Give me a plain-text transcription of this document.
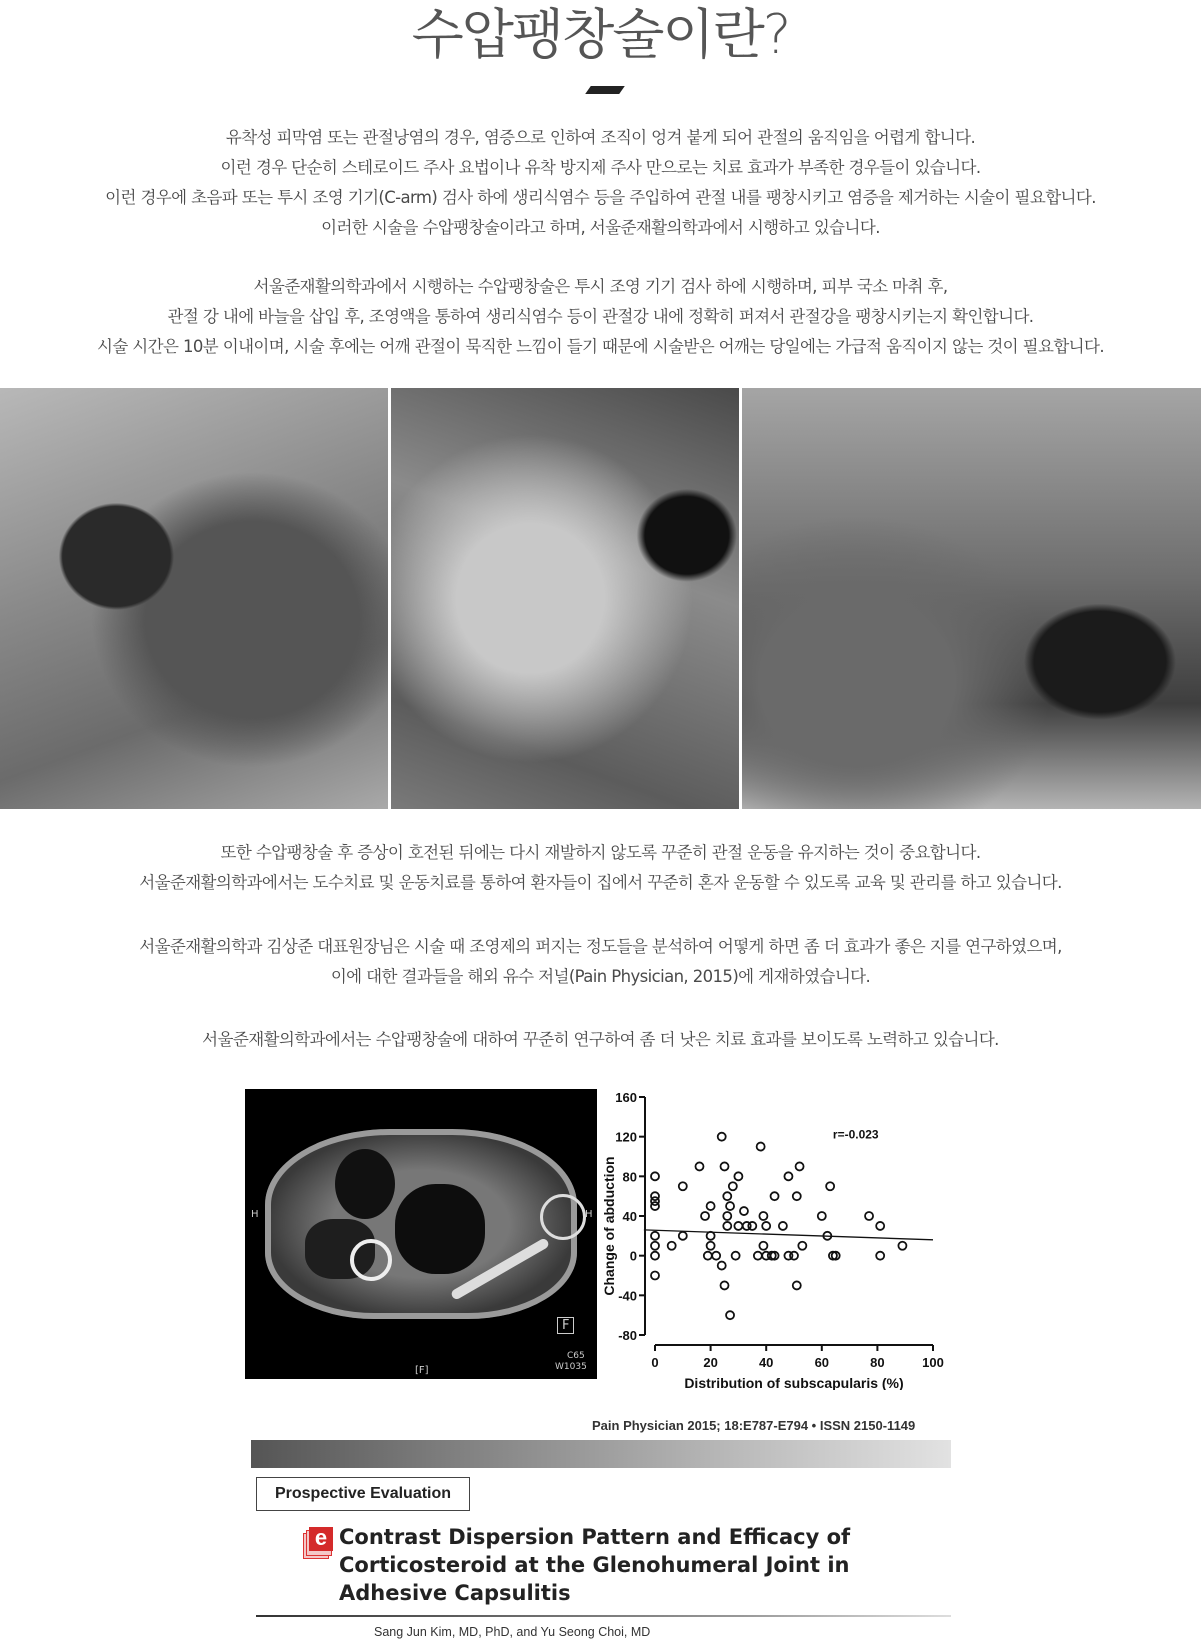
수압팽창술이란?
유착성 피막염 또는 관절낭염의 경우, 염증으로 인하여 조직이 엉겨 붙게 되어 관절의 움직임을 어렵게 합니다.
이런 경우 단순히 스테로이드 주사 요법이나 유착 방지제 주사 만으로는 치료 효과가 부족한 경우들이 있습니다.
이런 경우에 초음파 또는 투시 조영 기기(C-arm) 검사 하에 생리식염수 등을 주입하여 관절 내를 팽창시키고 염증을 제거하는 시술이 필요합니다.
이러한 시술을 수압팽창술이라고 하며, 서울준재활의학과에서 시행하고 있습니다.
서울준재활의학과에서 시행하는 수압팽창술은 투시 조영 기기 검사 하에 시행하며, 피부 국소 마취 후,
관절 강 내에 바늘을 삽입 후, 조영액을 통하여 생리식염수 등이 관절강 내에 정확히 퍼져서 관절강을 팽창시키는지 확인합니다.
시술 시간은 10분 이내이며, 시술 후에는 어깨 관절이 묵직한 느낌이 들기 때문에 시술받은 어깨는 당일에는 가급적 움직이지 않는 것이 필요합니다.
또한 수압팽창술 후 증상이 호전된 뒤에는 다시 재발하지 않도록 꾸준히 관절 운동을 유지하는 것이 중요합니다.
서울준재활의학과에서는 도수치료 및 운동치료를 통하여 환자들이 집에서 꾸준히 혼자 운동할 수 있도록 교육 및 관리를 하고 있습니다.
서울준재활의학과 김상준 대표원장님은 시술 때 조영제의 퍼지는 정도들을 분석하여 어떻게 하면 좀 더 효과가 좋은 지를 연구하였으며,
이에 대한 결과들을 해외 유수 저널(Pain Physician, 2015)에 게재하였습니다.
서울준재활의학과에서는 수압팽창술에 대하여 꾸준히 연구하여 좀 더 낫은 치료 효과를 보이도록 노력하고 있습니다.
H	H
F
[F]
C65
W1035
-80
-40
0
40
80
120
160
0	20	40	60	80	100
Distribution of subscapularis (%)
Change of abduction
r=-0.023
Pain Physician 2015; 18:E787-E794 • ISSN 2150-1149
Prospective Evaluation
e Contrast Dispersion Pattern and Efficacy of
Corticosteroid at the Glenohumeral Joint in
Adhesive Capsulitis
Sang Jun Kim, MD, PhD, and Yu Seong Choi, MD
